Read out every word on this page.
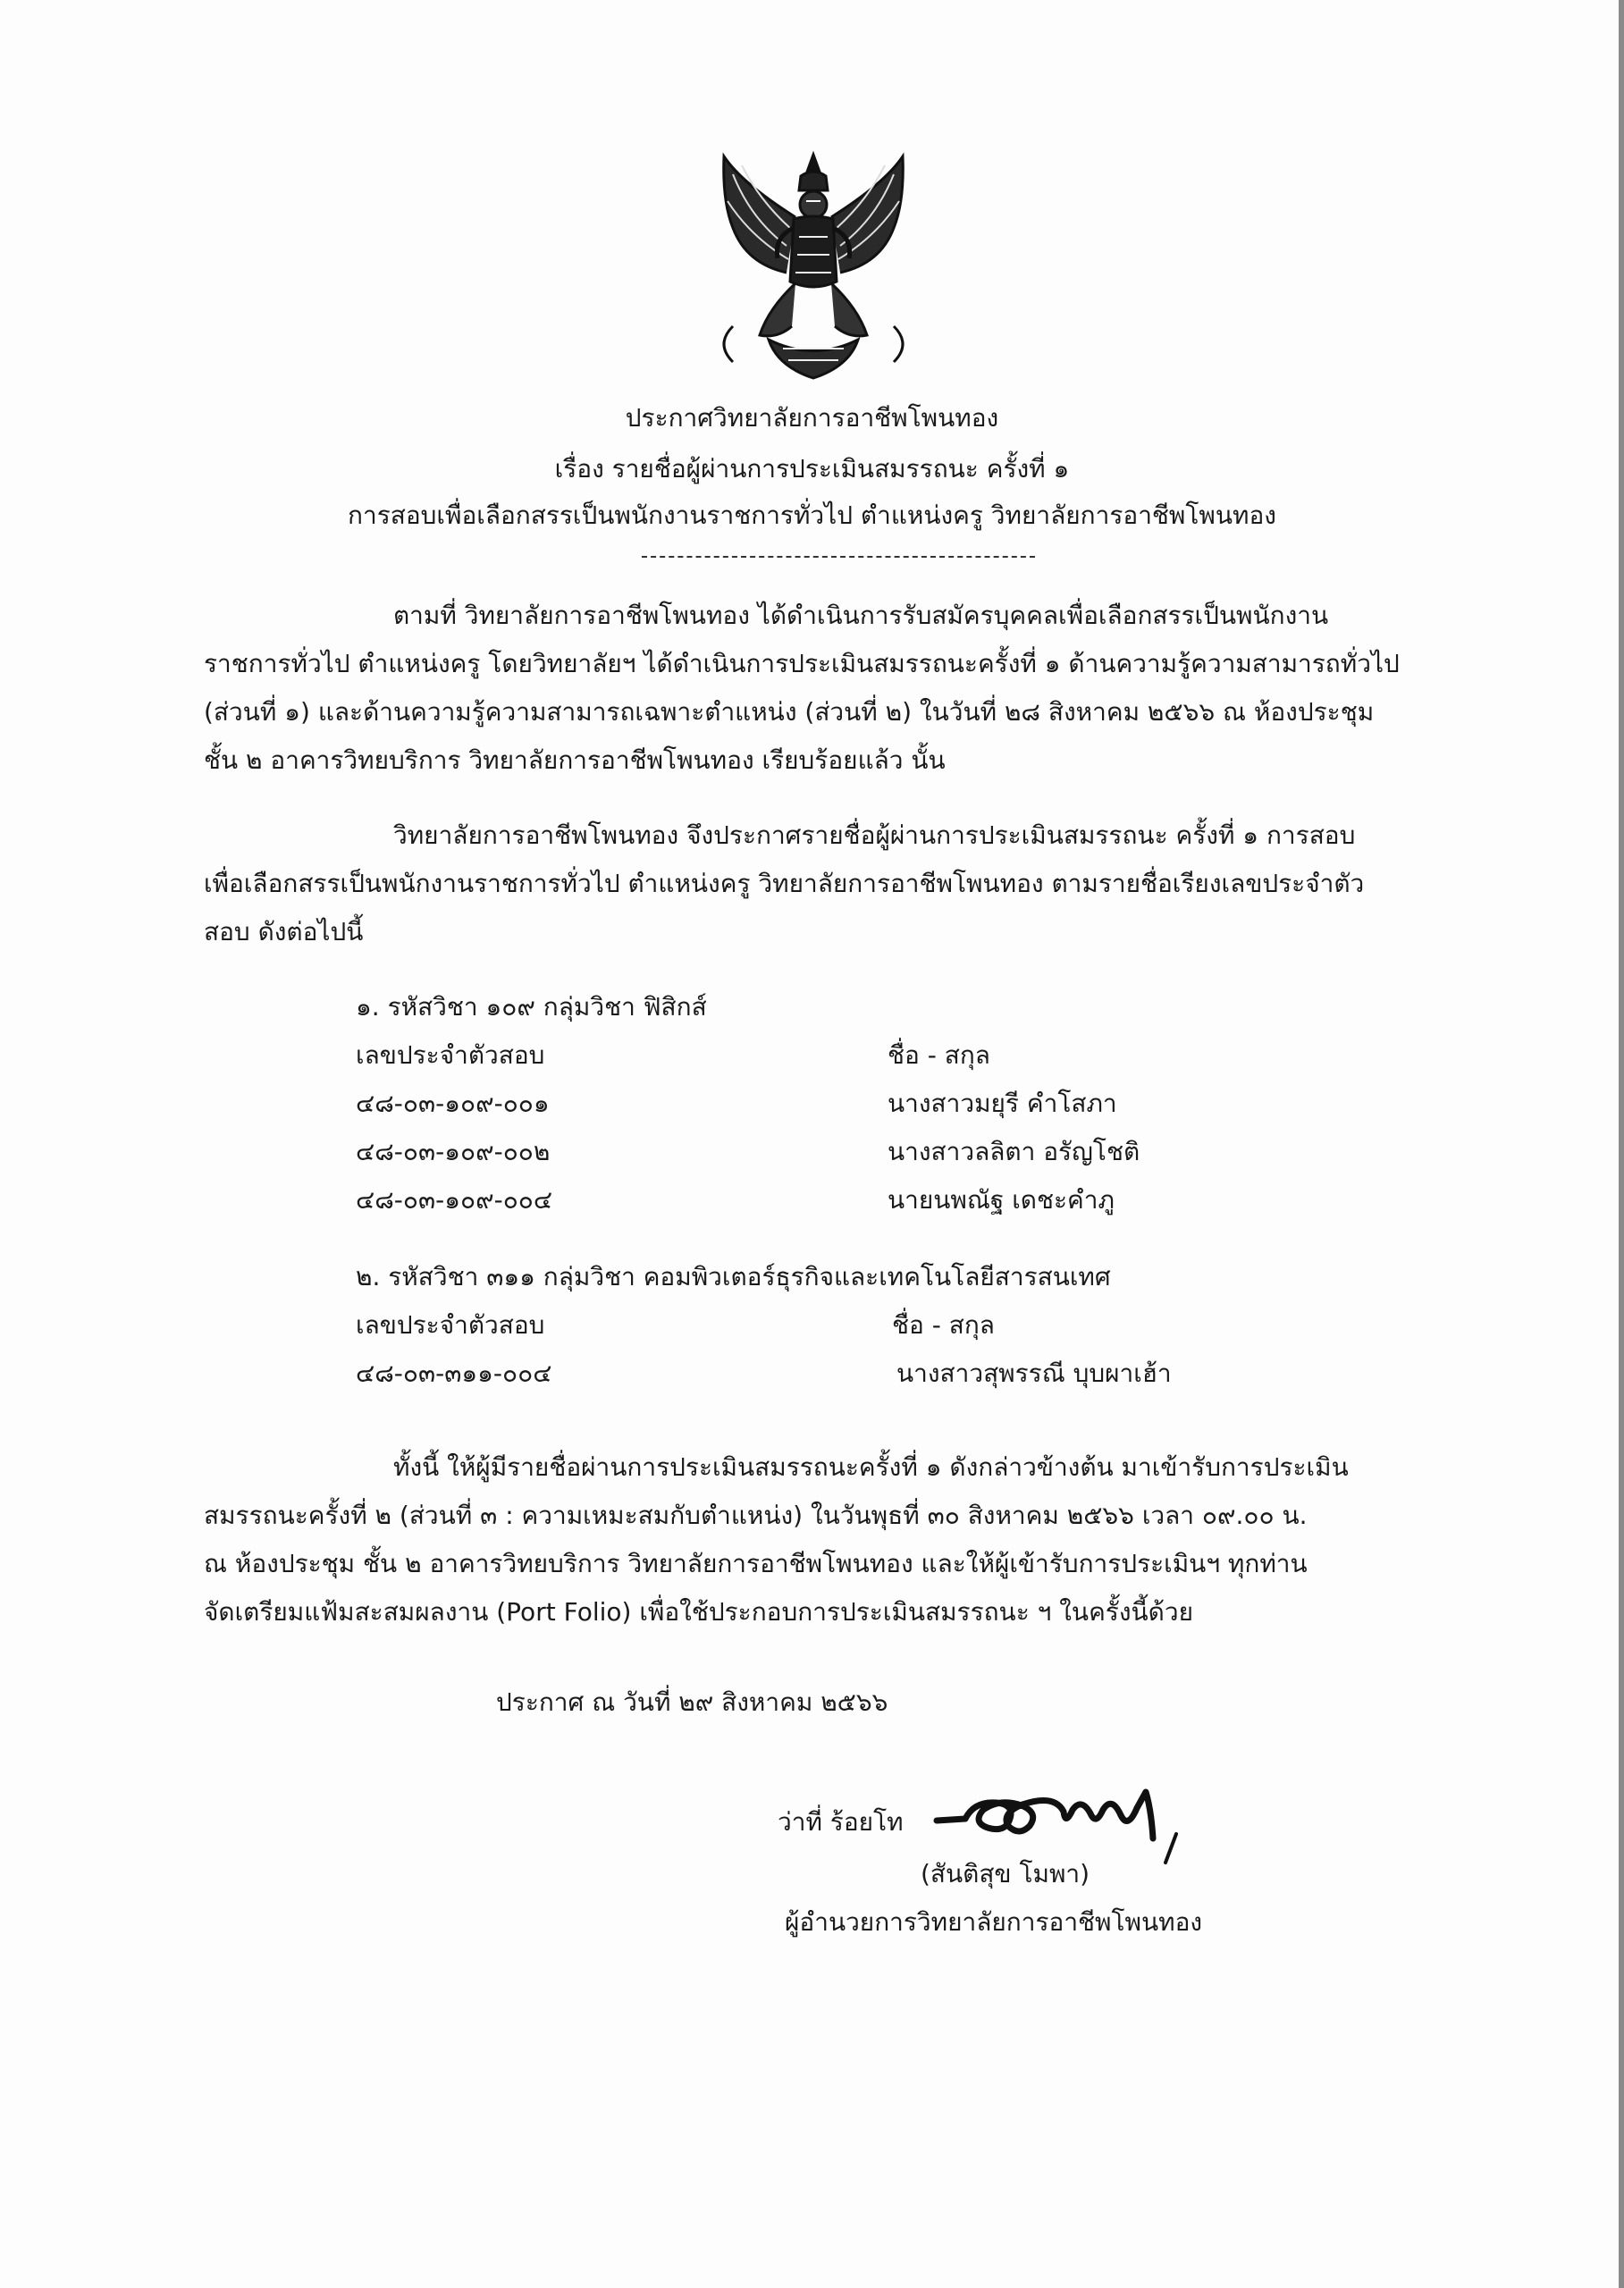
ประกาศวิทยาลัยการอาชีพโพนทอง
เรื่อง รายชื่อผู้ผ่านการประเมินสมรรถนะ ครั้งที่ ๑
การสอบเพื่อเลือกสรรเป็นพนักงานราชการทั่วไป ตำแหน่งครู วิทยาลัยการอาชีพโพนทอง

ตามที่ วิทยาลัยการอาชีพโพนทอง ได้ดำเนินการรับสมัครบุคคลเพื่อเลือกสรรเป็นพนักงาน

ราชการทั่วไป ตำแหน่งครู โดยวิทยาลัยฯ ได้ดำเนินการประเมินสมรรถนะครั้งที่ ๑ ด้านความรู้ความสามารถทั่วไป

(ส่วนที่ ๑) และด้านความรู้ความสามารถเฉพาะตำแหน่ง (ส่วนที่ ๒) ในวันที่ ๒๘ สิงหาคม ๒๕๖๖ ณ ห้องประชุม

ชั้น ๒ อาคารวิทยบริการ วิทยาลัยการอาชีพโพนทอง เรียบร้อยแล้ว นั้น

วิทยาลัยการอาชีพโพนทอง จึงประกาศรายชื่อผู้ผ่านการประเมินสมรรถนะ ครั้งที่ ๑ การสอบ

เพื่อเลือกสรรเป็นพนักงานราชการทั่วไป ตำแหน่งครู วิทยาลัยการอาชีพโพนทอง ตามรายชื่อเรียงเลขประจำตัว

สอบ ดังต่อไปนี้

๑. รหัสวิชา ๑๐๙ กลุ่มวิชา ฟิสิกส์
เลขประจำตัวสอบ	ชื่อ - สกุล
๔๘-๐๓-๑๐๙-๐๐๑	นางสาวมยุรี คำโสภา
๔๘-๐๓-๑๐๙-๐๐๒	นางสาวลลิตา อรัญโชติ
๔๘-๐๓-๑๐๙-๐๐๔	นายนพณัฐ เดชะคำภู
๒. รหัสวิชา ๓๑๑ กลุ่มวิชา คอมพิวเตอร์ธุรกิจและเทคโนโลยีสารสนเทศ
เลขประจำตัวสอบ	ชื่อ - สกุล
๔๘-๐๓-๓๑๑-๐๐๔	นางสาวสุพรรณี บุบผาเฮ้า

ทั้งนี้ ให้ผู้มีรายชื่อผ่านการประเมินสมรรถนะครั้งที่ ๑ ดังกล่าวข้างต้น มาเข้ารับการประเมิน

สมรรถนะครั้งที่ ๒ (ส่วนที่ ๓ : ความเหมะสมกับตำแหน่ง) ในวันพุธที่ ๓๐ สิงหาคม ๒๕๖๖ เวลา ๐๙.๐๐ น.

ณ ห้องประชุม ชั้น ๒ อาคารวิทยบริการ วิทยาลัยการอาชีพโพนทอง และให้ผู้เข้ารับการประเมินฯ ทุกท่าน

จัดเตรียมแฟ้มสะสมผลงาน (Port Folio) เพื่อใช้ประกอบการประเมินสมรรถนะ ฯ ในครั้งนี้ด้วย

ประกาศ ณ วันที่ ๒๙ สิงหาคม ๒๕๖๖
ว่าที่ ร้อยโท
(สันติสุข โมพา)
ผู้อำนวยการวิทยาลัยการอาชีพโพนทอง
